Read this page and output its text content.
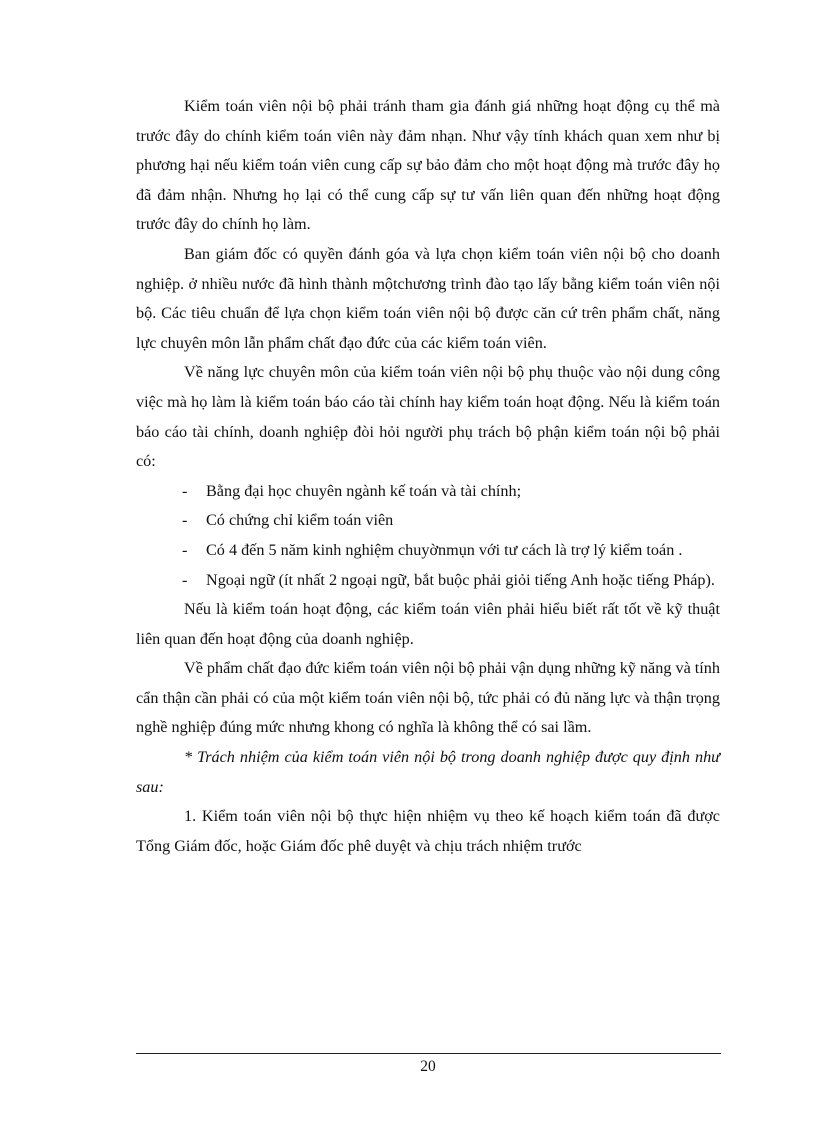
Kiểm toán viên nội bộ phải tránh tham gia đánh giá những hoạt động cụ thể mà trước đây do chính kiểm toán viên này đảm nhạn. Như vậy tính khách quan xem như bị phương hại nếu kiểm toán viên cung cấp sự bảo đảm cho một hoạt động mà trước đây họ đã đảm nhận. Nhưng họ lại có thể cung cấp sự tư vấn liên quan đến những hoạt động trước đây do chính họ làm.

Ban giám đốc có quyền đánh góa và lựa chọn kiểm toán viên nội bộ cho doanh nghiệp. ở nhiều nước đã hình thành mộtchương trình đào tạo lấy bằng kiểm toán viên nội bộ. Các tiêu chuẩn để lựa chọn kiểm toán viên nội bộ được căn cứ trên phẩm chất, năng lực chuyên môn lẫn phẩm chất đạo đức của các kiểm toán viên.

Về năng lực chuyên môn của kiểm toán viên nội bộ phụ thuộc vào nội dung công việc mà họ làm là kiểm toán báo cáo tài chính hay kiểm toán hoạt động. Nếu là kiểm toán báo cáo tài chính, doanh nghiệp đòi hỏi người phụ trách bộ phận kiểm toán nội bộ phải có:

- Bằng đại học chuyên ngành kế toán và tài chính;
- Có chứng chỉ kiểm toán viên
- Có 4 đến 5 năm kinh nghiệm chuyờnmụn với tư cách là trợ lý kiểm toán .
- Ngoại ngữ (ít nhất 2 ngoại ngữ, bắt buộc phải giỏi tiếng Anh hoặc tiếng Pháp).

Nếu là kiểm toán hoạt động, các kiểm toán viên phải hiểu biết rất tốt về kỹ thuật liên quan đến hoạt động của doanh nghiệp.

Về phẩm chất đạo đức kiểm toán viên nội bộ phải vận dụng những kỹ năng và tính cẩn thận cần phải có của một kiểm toán viên nội bộ, tức phải có đủ năng lực và thận trọng nghề nghiệp đúng mức nhưng khong có nghĩa là không thể có sai lầm.

* Trách nhiệm của kiểm toán viên nội bộ trong doanh nghiệp được quy định như sau:

1. Kiểm toán viên nội bộ thực hiện nhiệm vụ theo kế hoạch kiểm toán đã được Tổng Giám đốc, hoặc Giám đốc phê duyệt và chịu trách nhiệm trước

20
